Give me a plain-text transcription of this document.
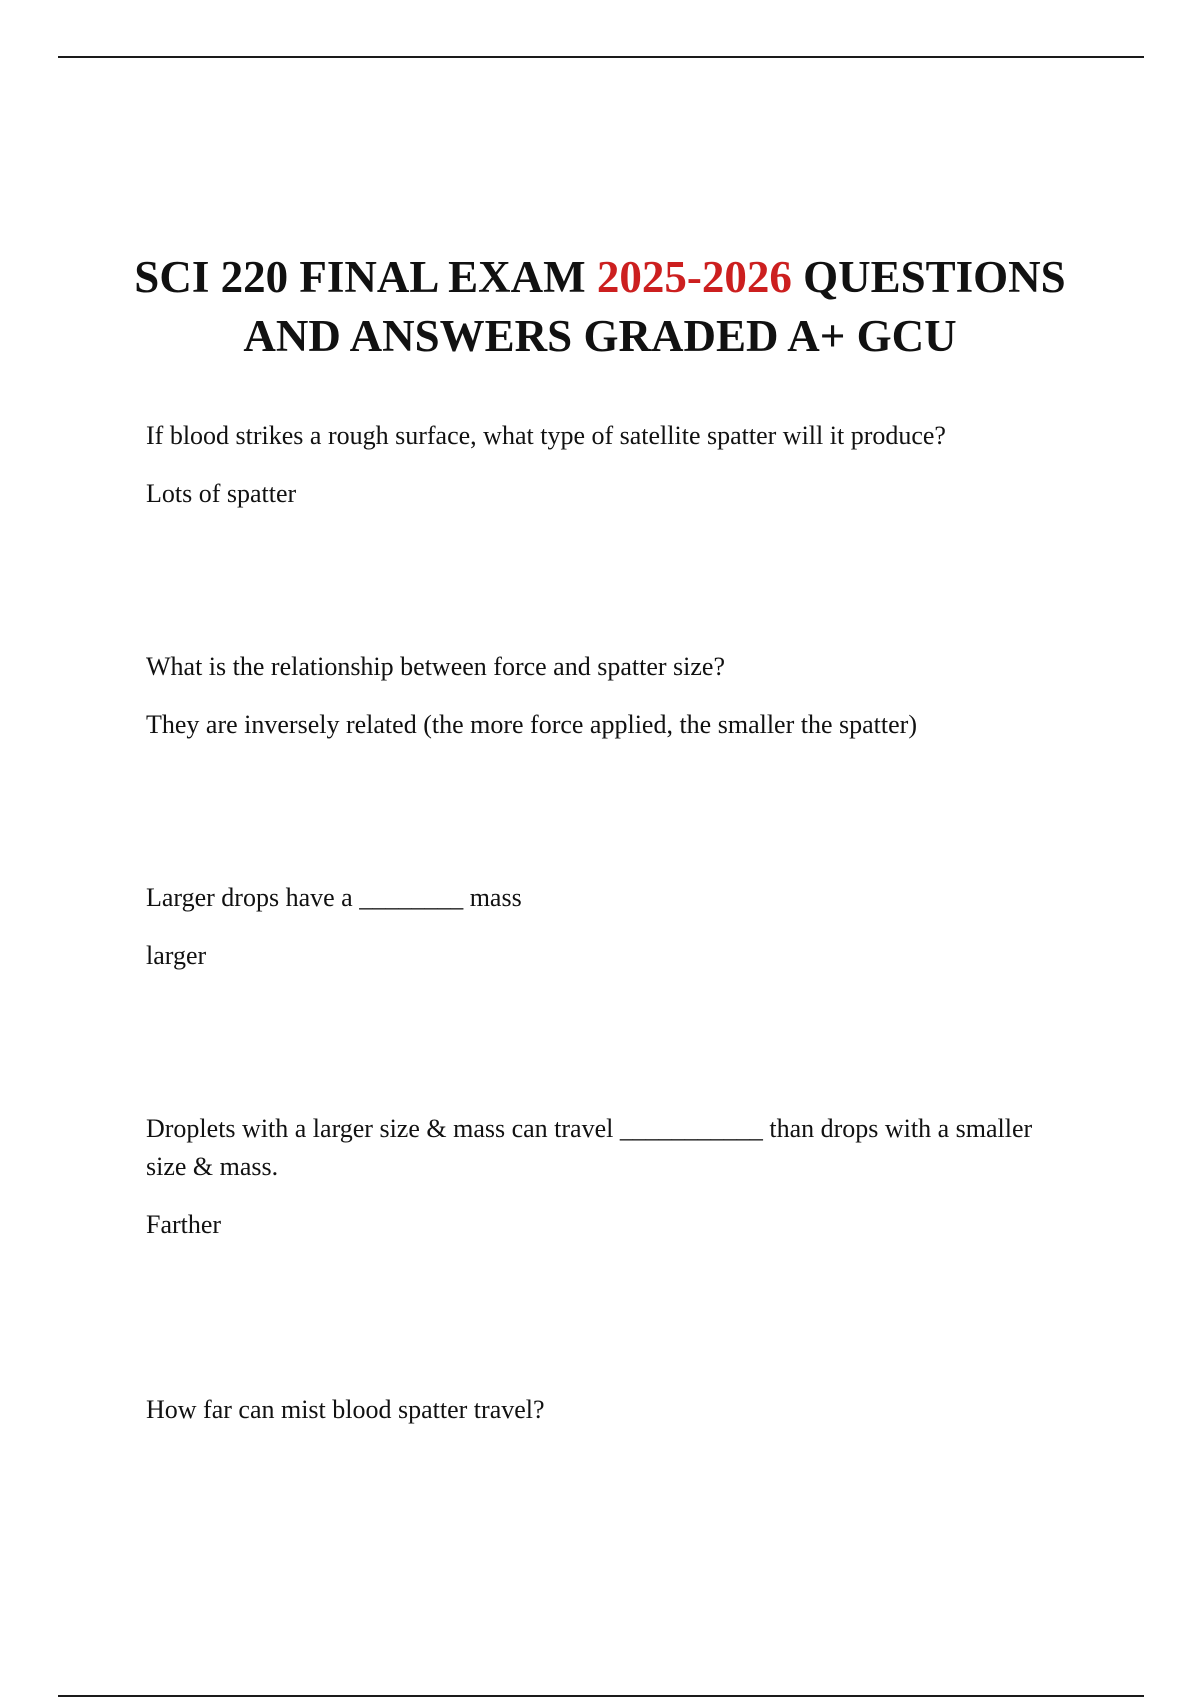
SCI 220 FINAL EXAM 2025-2026 QUESTIONS AND ANSWERS GRADED A+ GCU

If blood strikes a rough surface, what type of satellite spatter will it produce?

Lots of spatter

What is the relationship between force and spatter size?

They are inversely related (the more force applied, the smaller the spatter)

Larger drops have a ________ mass

larger

Droplets with a larger size & mass can travel ___________ than drops with a smaller size & mass.

Farther

How far can mist blood spatter travel?
